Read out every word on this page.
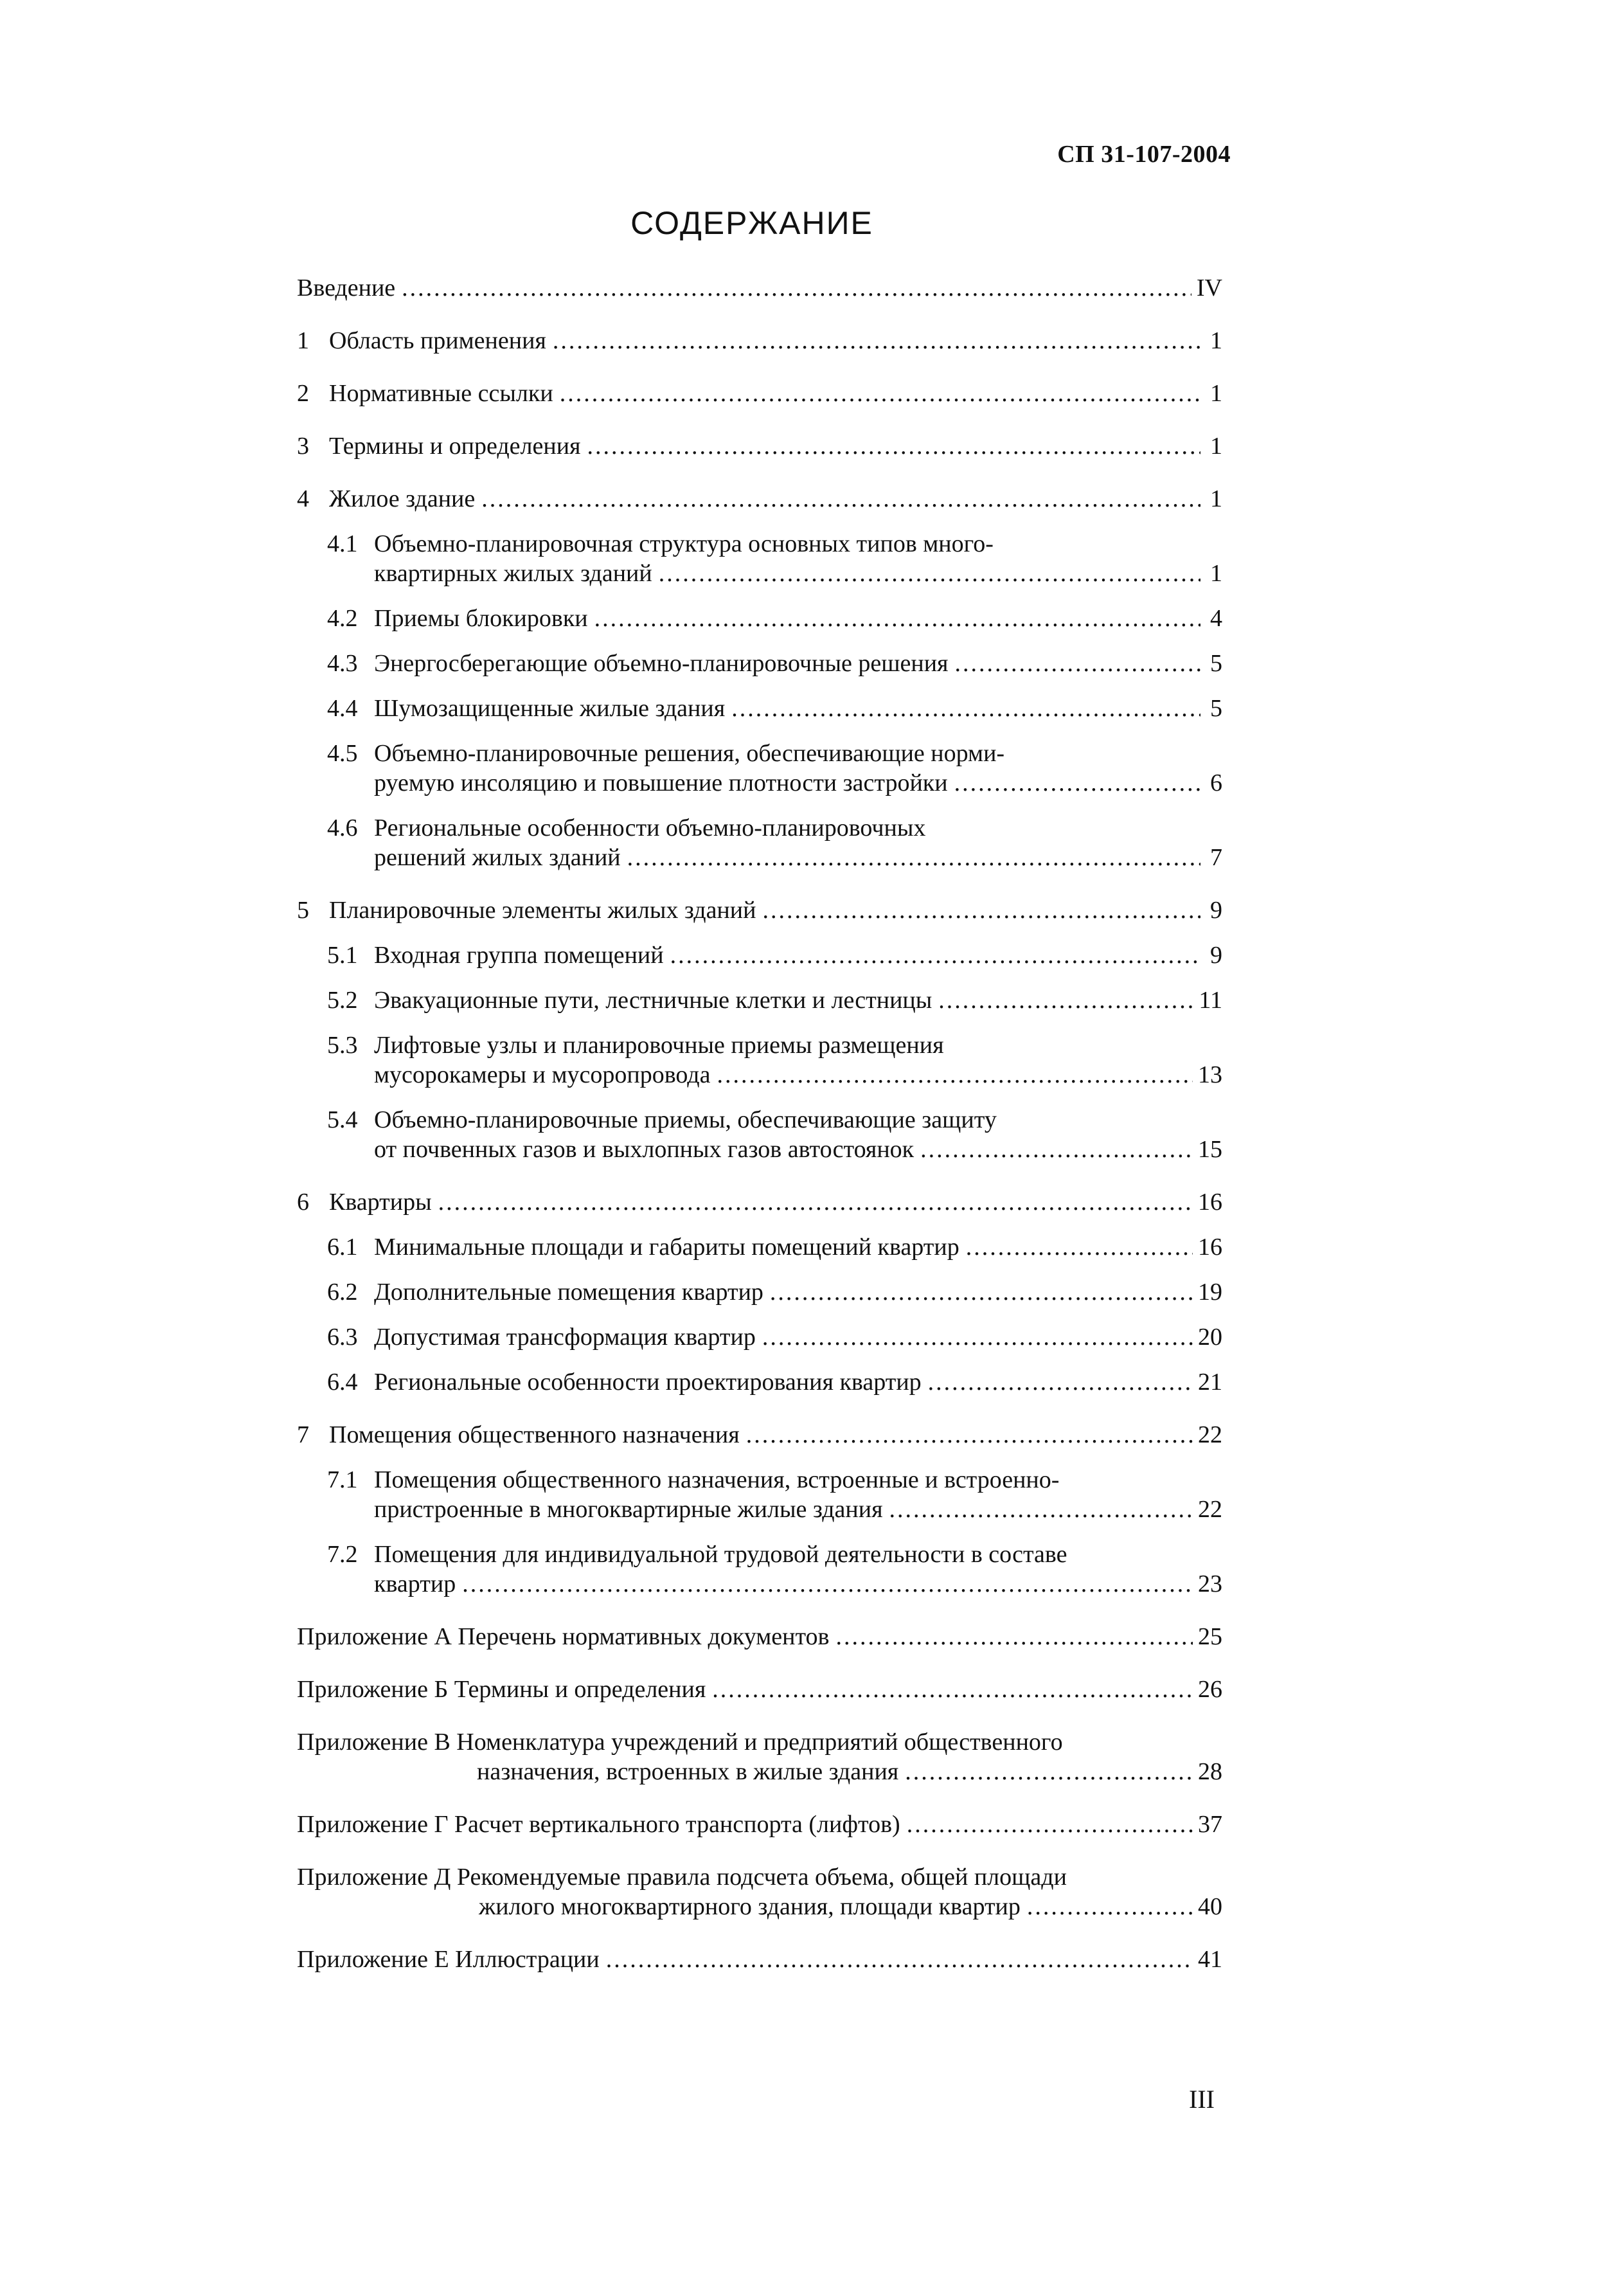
СП 31-107-2004
СОДЕРЖАНИЕ
Введение .....	IV
1 Область применения .....	1
2 Нормативные ссылки .....	1
3 Термины и определения .....	1
4 Жилое здание .....	1
4.1 Объемно-планировочная структура основных типов много-
квартирных жилых зданий .....	1
4.2 Приемы блокировки .....	4
4.3 Энергосберегающие объемно-планировочные решения .....	5
4.4 Шумозащищенные жилые здания .....	5
4.5 Объемно-планировочные решения, обеспечивающие норми-
руемую инсоляцию и повышение плотности застройки .....	6
4.6 Региональные особенности объемно-планировочных
решений жилых зданий .....	7
5 Планировочные элементы жилых зданий .....	9
5.1 Входная группа помещений .....	9
5.2 Эвакуационные пути, лестничные клетки и лестницы .....	11
5.3 Лифтовые узлы и планировочные приемы размещения
мусорокамеры и мусоропровода .....	13
5.4 Объемно-планировочные приемы, обеспечивающие защиту
от почвенных газов и выхлопных газов автостоянок .....	15
6 Квартиры .....	16
6.1 Минимальные площади и габариты помещений квартир .....	16
6.2 Дополнительные помещения квартир .....	19
6.3 Допустимая трансформация квартир .....	20
6.4 Региональные особенности проектирования квартир .....	21
7 Помещения общественного назначения .....	22
7.1 Помещения общественного назначения, встроенные и встроенно-
пристроенные в многоквартирные жилые здания .....	22
7.2 Помещения для индивидуальной трудовой деятельности в составе
квартир .....	23
Приложение А Перечень нормативных документов .....	25
Приложение Б Термины и определения .....	26
Приложение В Номенклатура учреждений и предприятий общественного
назначения, встроенных в жилые здания .....	28
Приложение Г Расчет вертикального транспорта (лифтов) .....	37
Приложение Д Рекомендуемые правила подсчета объема, общей площади
жилого многоквартирного здания, площади квартир .....	40
Приложение Е Иллюстрации .....	41
III
